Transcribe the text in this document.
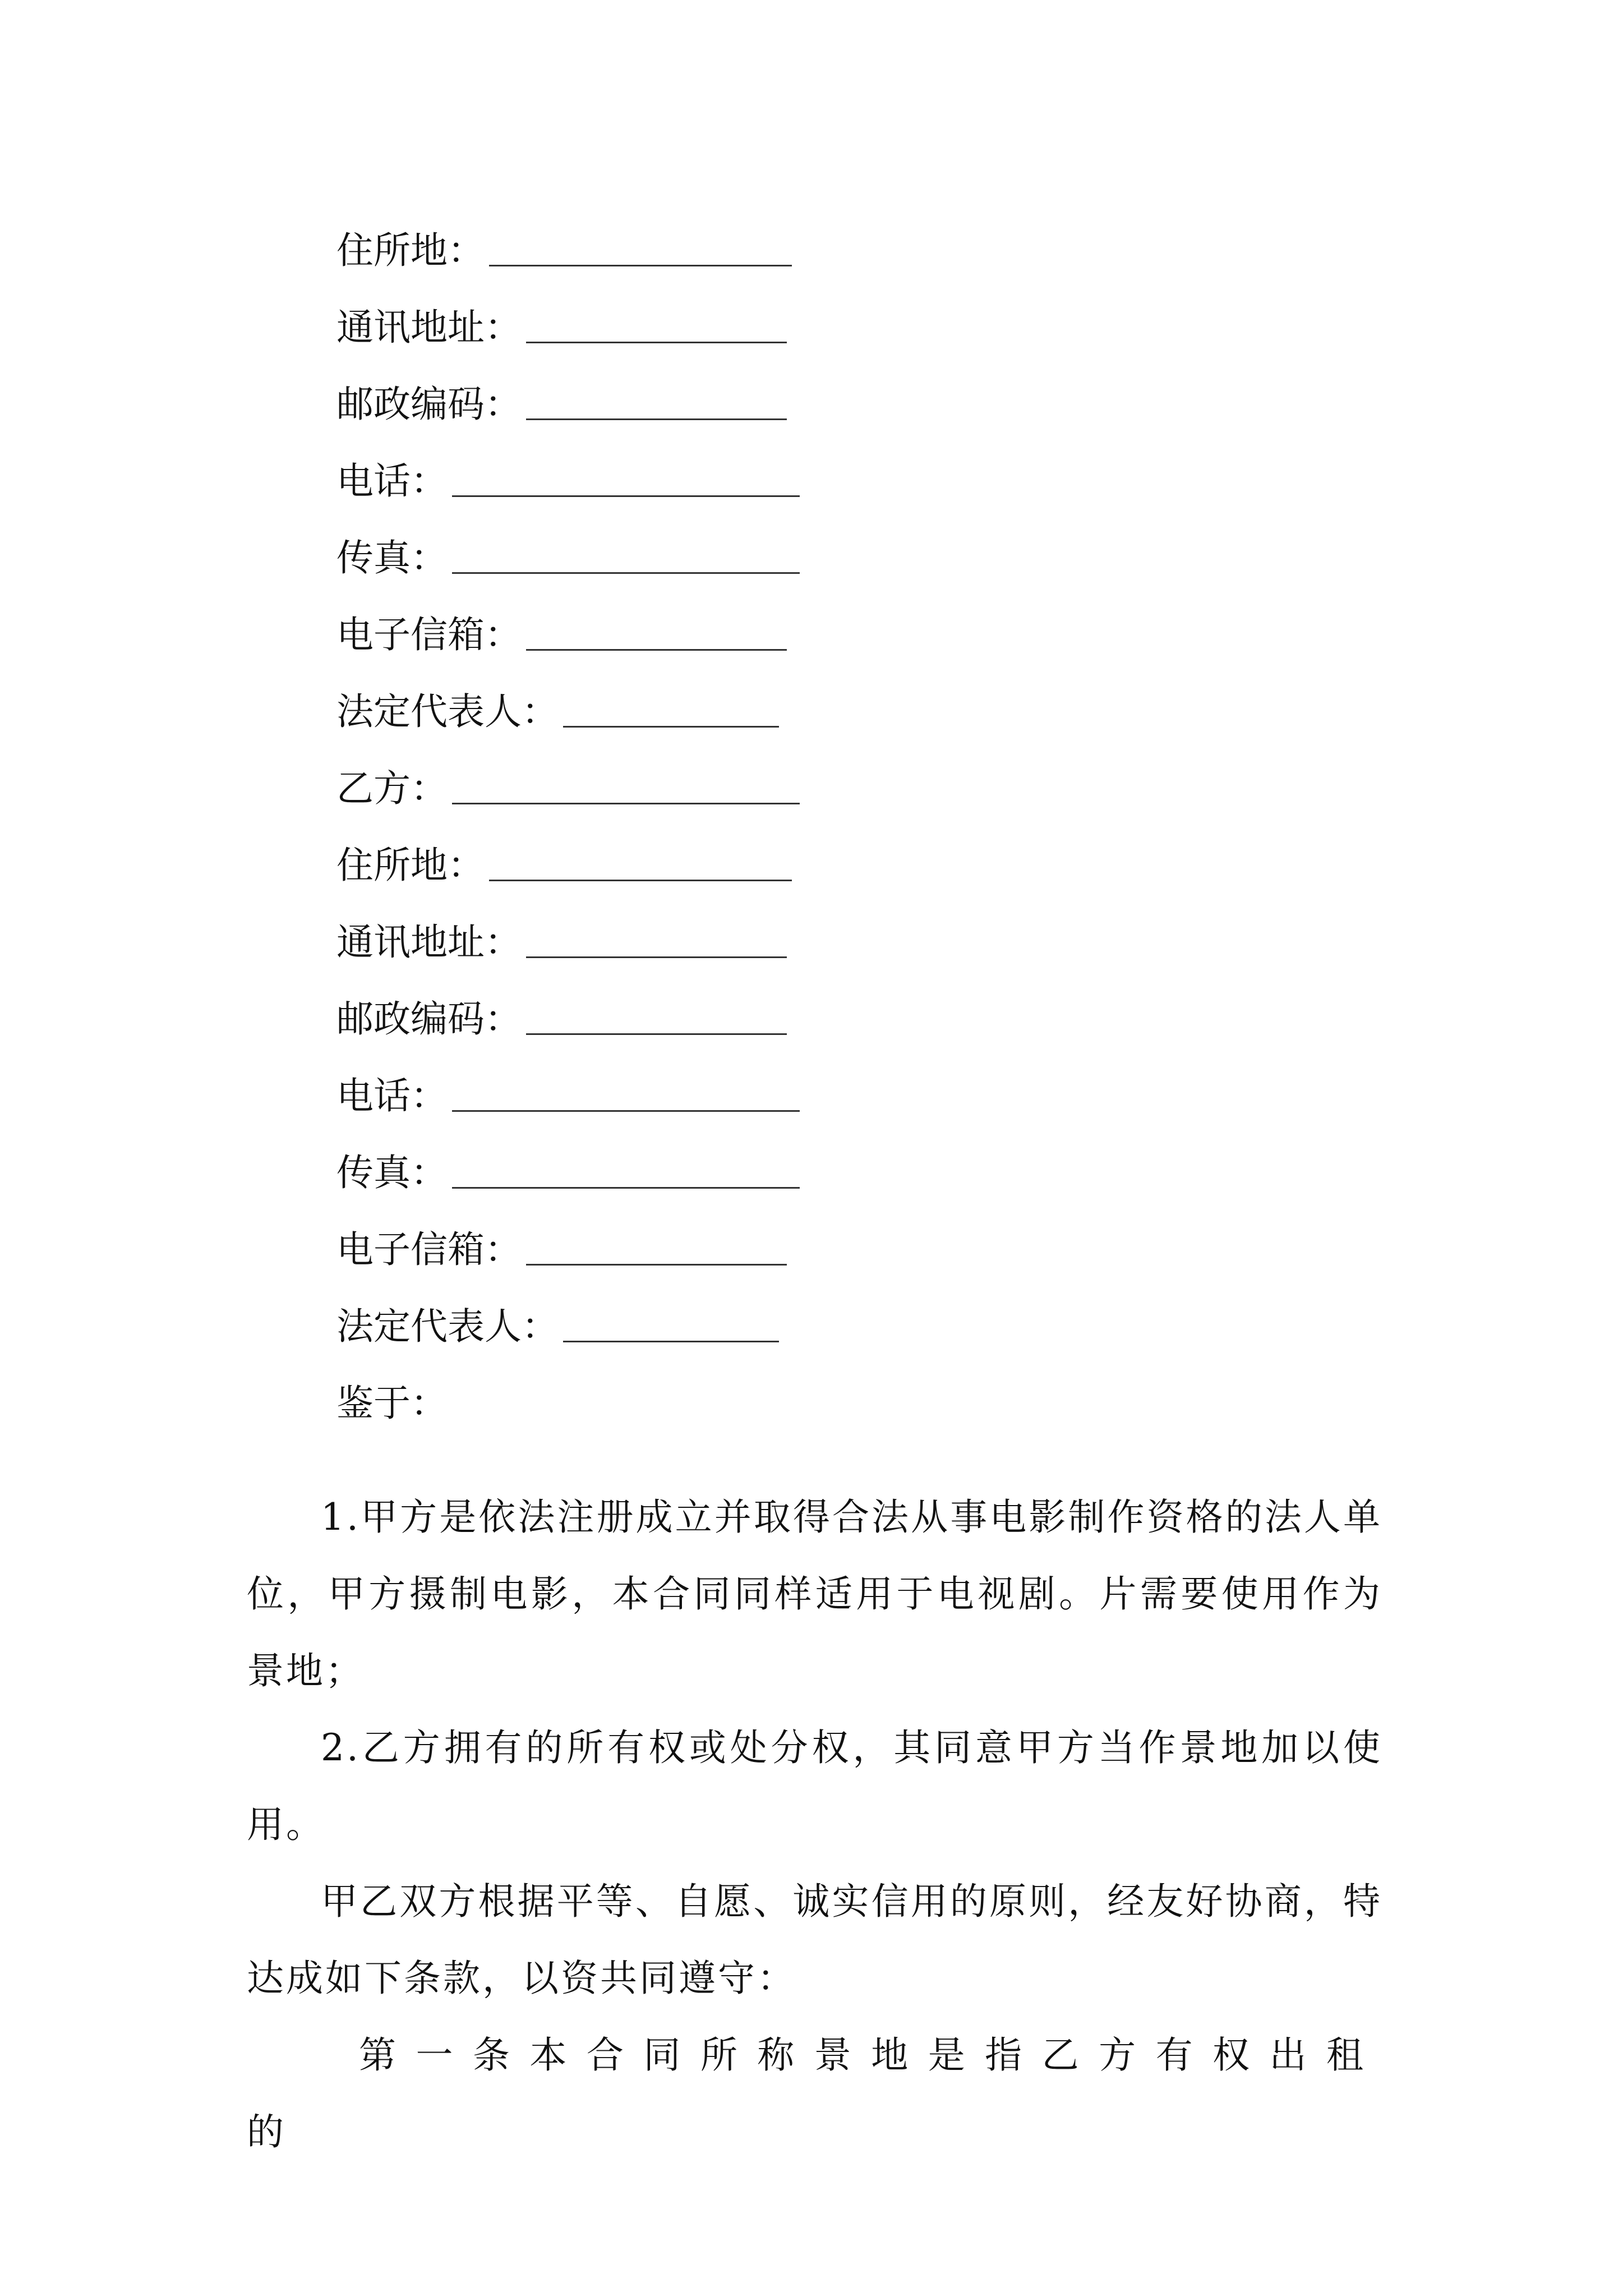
住所地：
通讯地址：
邮政编码：
电话：
传真：
电子信箱：
法定代表人：
乙方：
住所地：
通讯地址：
邮政编码：
电话：
传真：
电子信箱：
法定代表人：
鉴于：

1.甲方是依法注册成立并取得合法从事电影制作资格的法人单位，甲方摄制电影，本合同同样适用于电视剧。片需要使用作为景地；

2.乙方拥有的所有权或处分权，其同意甲方当作景地加以使用。

甲乙双方根据平等、自愿、诚实信用的原则，经友好协商，特达成如下条款，以资共同遵守：

第一条本合同所称景地是指乙方有权出租的
